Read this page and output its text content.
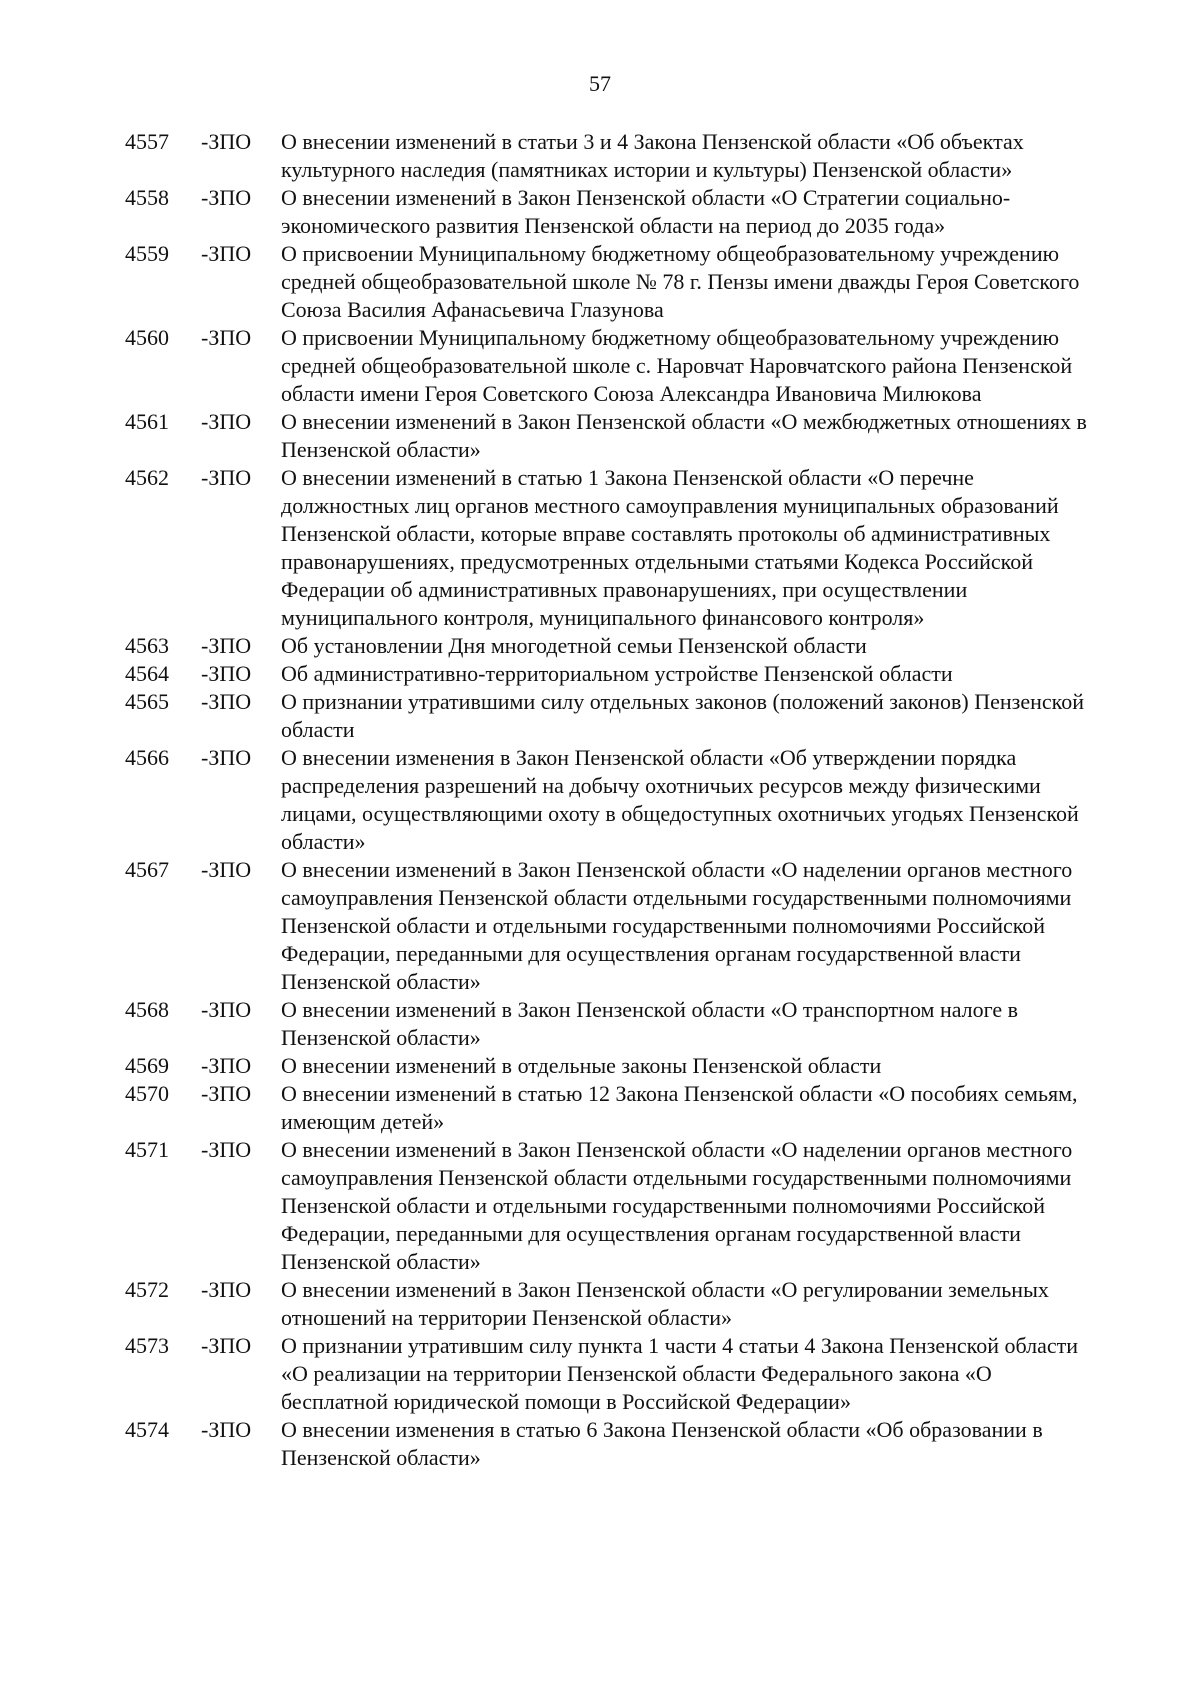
57
4557	-ЗПО	О внесении изменений в статьи 3 и 4 Закона Пензенской области «Об объектах культурного наследия (памятниках истории и культуры) Пензенской области»
4558	-ЗПО	О внесении изменений в Закон Пензенской области «О Стратегии социально-экономического развития Пензенской области на период до 2035 года»
4559	-ЗПО	О присвоении Муниципальному бюджетному общеобразовательному учреждению средней общеобразовательной школе № 78 г. Пензы имени дважды Героя Советского Союза Василия Афанасьевича Глазунова
4560	-ЗПО	О присвоении Муниципальному бюджетному общеобразовательному учреждению средней общеобразовательной школе с. Наровчат Наровчатского района Пензенской области имени Героя Советского Союза Александра Ивановича Милюкова
4561	-ЗПО	О внесении изменений в Закон Пензенской области «О межбюджетных отношениях в Пензенской области»
4562	-ЗПО	О внесении изменений в статью 1 Закона Пензенской области «О перечне должностных лиц органов местного самоуправления муниципальных образований Пензенской области, которые вправе составлять протоколы об административных правонарушениях, предусмотренных отдельными статьями Кодекса Российской Федерации об административных правонарушениях, при осуществлении муниципального контроля, муниципального финансового контроля»
4563	-ЗПО	Об установлении Дня многодетной семьи Пензенской области
4564	-ЗПО	Об административно-территориальном устройстве Пензенской области
4565	-ЗПО	О признании утратившими силу отдельных законов (положений законов) Пензенской области
4566	-ЗПО	О внесении изменения в Закон Пензенской области «Об утверждении порядка распределения разрешений на добычу охотничьих ресурсов между физическими лицами, осуществляющими охоту в общедоступных охотничьих угодьях Пензенской области»
4567	-ЗПО	О внесении изменений в Закон Пензенской области «О наделении органов местного самоуправления Пензенской области отдельными государственными полномочиями Пензенской области и отдельными государственными полномочиями Российской Федерации, переданными для осуществления органам государственной власти Пензенской области»
4568	-ЗПО	О внесении изменений в Закон Пензенской области «О транспортном налоге в Пензенской области»
4569	-ЗПО	О внесении изменений в отдельные законы Пензенской области
4570	-ЗПО	О внесении изменений в статью 12 Закона Пензенской области «О пособиях семьям, имеющим детей»
4571	-ЗПО	О внесении изменений в Закон Пензенской области «О наделении органов местного самоуправления Пензенской области отдельными государственными полномочиями Пензенской области и отдельными государственными полномочиями Российской Федерации, переданными для осуществления органам государственной власти Пензенской области»
4572	-ЗПО	О внесении изменений в Закон Пензенской области «О регулировании земельных отношений на территории Пензенской области»
4573	-ЗПО	О признании утратившим силу пункта 1 части 4 статьи 4 Закона Пензенской области «О реализации на территории Пензенской области Федерального закона «О бесплатной юридической помощи в Российской Федерации»
4574	-ЗПО	О внесении изменения в статью 6 Закона Пензенской области «Об образовании в Пензенской области»
